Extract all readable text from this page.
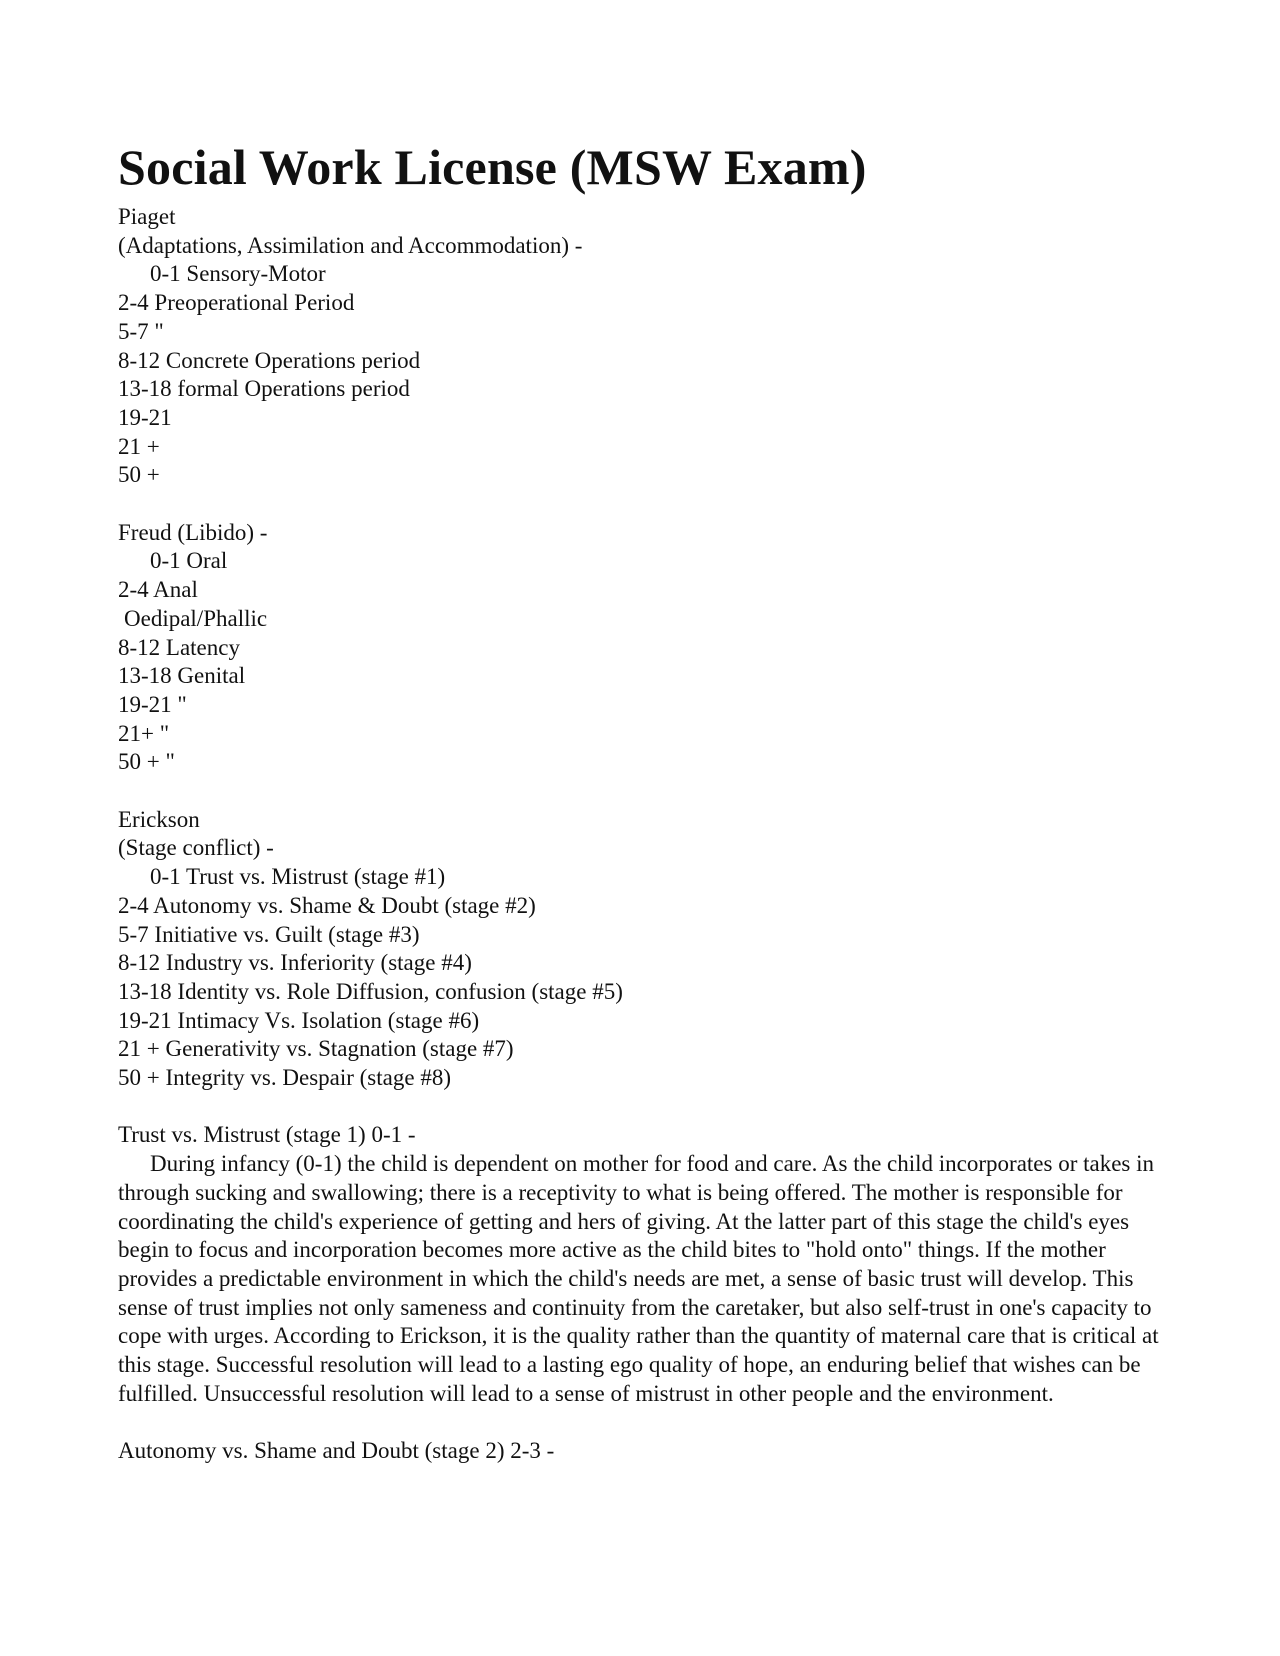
Social Work License (MSW Exam)

Piaget

(Adaptations, Assimilation and Accommodation) -

0-1 Sensory-Motor

2-4 Preoperational Period

5-7 "

8-12 Concrete Operations period

13-18 formal Operations period

19-21

21 +

50 +

Freud (Libido) -

0-1 Oral

2-4 Anal

Oedipal/Phallic

8-12 Latency

13-18 Genital

19-21 "

21+ "

50 + "

Erickson

(Stage conflict) -

0-1 Trust vs. Mistrust (stage #1)

2-4 Autonomy vs. Shame & Doubt (stage #2)

5-7 Initiative vs. Guilt (stage #3)

8-12 Industry vs. Inferiority (stage #4)

13-18 Identity vs. Role Diffusion, confusion (stage #5)

19-21 Intimacy Vs. Isolation (stage #6)

21 + Generativity vs. Stagnation (stage #7)

50 + Integrity vs. Despair (stage #8)

Trust vs. Mistrust (stage 1) 0-1 -

During infancy (0-1) the child is dependent on mother for food and care. As the child incorporates or takes in through sucking and swallowing; there is a receptivity to what is being offered. The mother is responsible for coordinating the child's experience of getting and hers of giving. At the latter part of this stage the child's eyes begin to focus and incorporation becomes more active as the child bites to "hold onto" things. If the mother provides a predictable environment in which the child's needs are met, a sense of basic trust will develop. This sense of trust implies not only sameness and continuity from the caretaker, but also self-trust in one's capacity to cope with urges. According to Erickson, it is the quality rather than the quantity of maternal care that is critical at this stage. Successful resolution will lead to a lasting ego quality of hope, an enduring belief that wishes can be fulfilled. Unsuccessful resolution will lead to a sense of mistrust in other people and the environment.

Autonomy vs. Shame and Doubt (stage 2) 2-3 -
